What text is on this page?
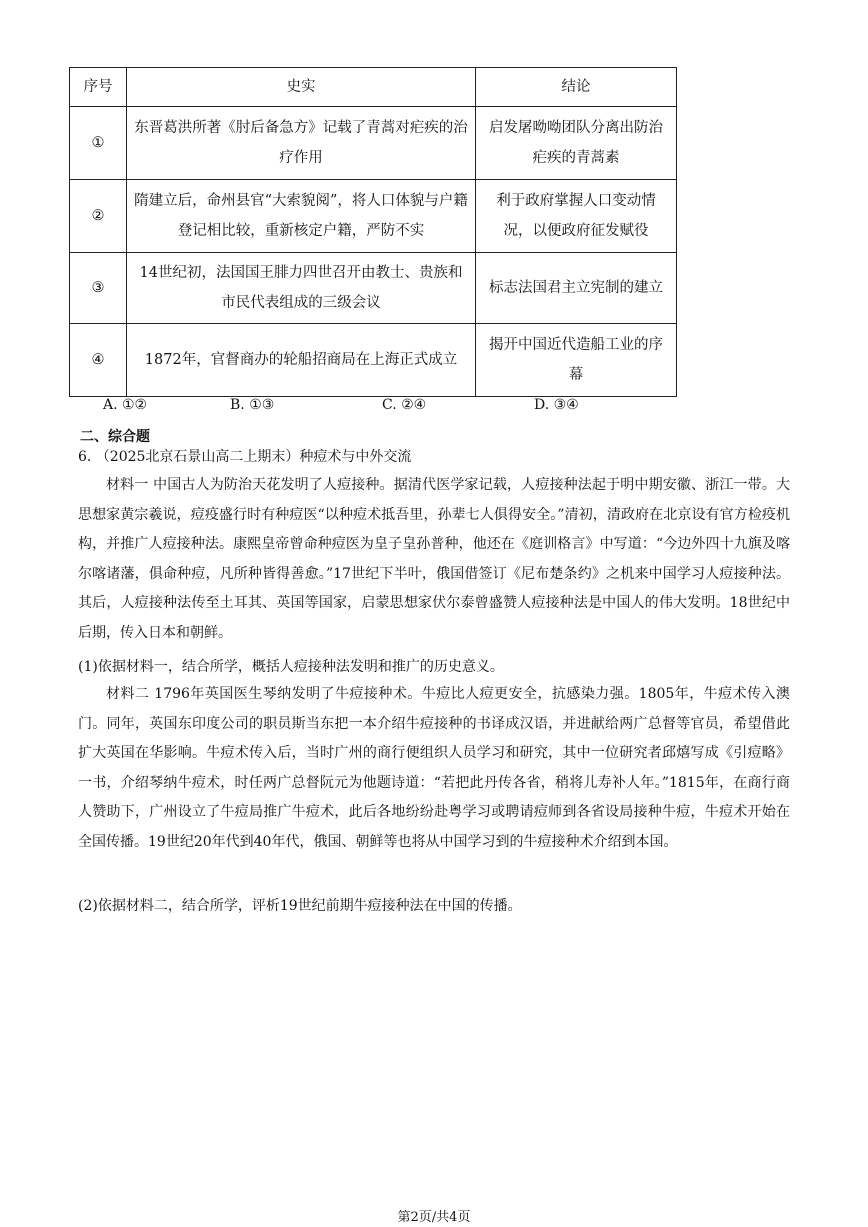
序号	史实	结论
①	东晋葛洪所著《肘后备急方》记载了青蒿对疟疾的治疗作用	启发屠呦呦团队分离出防治疟疾的青蒿素
②	隋建立后，命州县官“大索貌阅”，将人口体貌与户籍登记相比较，重新核定户籍，严防不实	利于政府掌握人口变动情况，以便政府征发赋役
③	14世纪初，法国国王腓力四世召开由教士、贵族和市民代表组成的三级会议	标志法国君主立宪制的建立
④	1872年，官督商办的轮船招商局在上海正式成立	揭开中国近代造船工业的序幕
A. ①②	B. ①③	C. ②④	D. ③④
二、综合题
6. （2025北京石景山高二上期末）种痘术与中外交流
材料一 中国古人为防治天花发明了人痘接种。据清代医学家记载，人痘接种法起于明中期安徽、浙江一带。大思想家黄宗羲说，痘疫盛行时有种痘医“以种痘术抵吾里，孙辈七人俱得安全。”清初，清政府在北京设有官方检疫机构，并推广人痘接种法。康熙皇帝曾命种痘医为皇子皇孙普种，他还在《庭训格言》中写道：“今边外四十九旗及喀尔喀诸藩，俱命种痘，凡所种皆得善愈。”17世纪下半叶，俄国借签订《尼布楚条约》之机来中国学习人痘接种法。其后，人痘接种法传至土耳其、英国等国家，启蒙思想家伏尔泰曾盛赞人痘接种法是中国人的伟大发明。18世纪中后期，传入日本和朝鲜。
(1)依据材料一，结合所学，概括人痘接种法发明和推广的历史意义。
材料二 1796年英国医生琴纳发明了牛痘接种术。牛痘比人痘更安全，抗感染力强。1805年，牛痘术传入澳门。同年，英国东印度公司的职员斯当东把一本介绍牛痘接种的书译成汉语，并进献给两广总督等官员，希望借此扩大英国在华影响。牛痘术传入后，当时广州的商行便组织人员学习和研究，其中一位研究者邱熺写成《引痘略》一书，介绍琴纳牛痘术，时任两广总督阮元为他题诗道：“若把此丹传各省，稍将儿寿补人年。”1815年，在商行商人赞助下，广州设立了牛痘局推广牛痘术，此后各地纷纷赴粤学习或聘请痘师到各省设局接种牛痘，牛痘术开始在全国传播。19世纪20年代到40年代，俄国、朝鲜等也将从中国学习到的牛痘接种术介绍到本国。
(2)依据材料二，结合所学，评析19世纪前期牛痘接种法在中国的传播。
第2页/共4页
